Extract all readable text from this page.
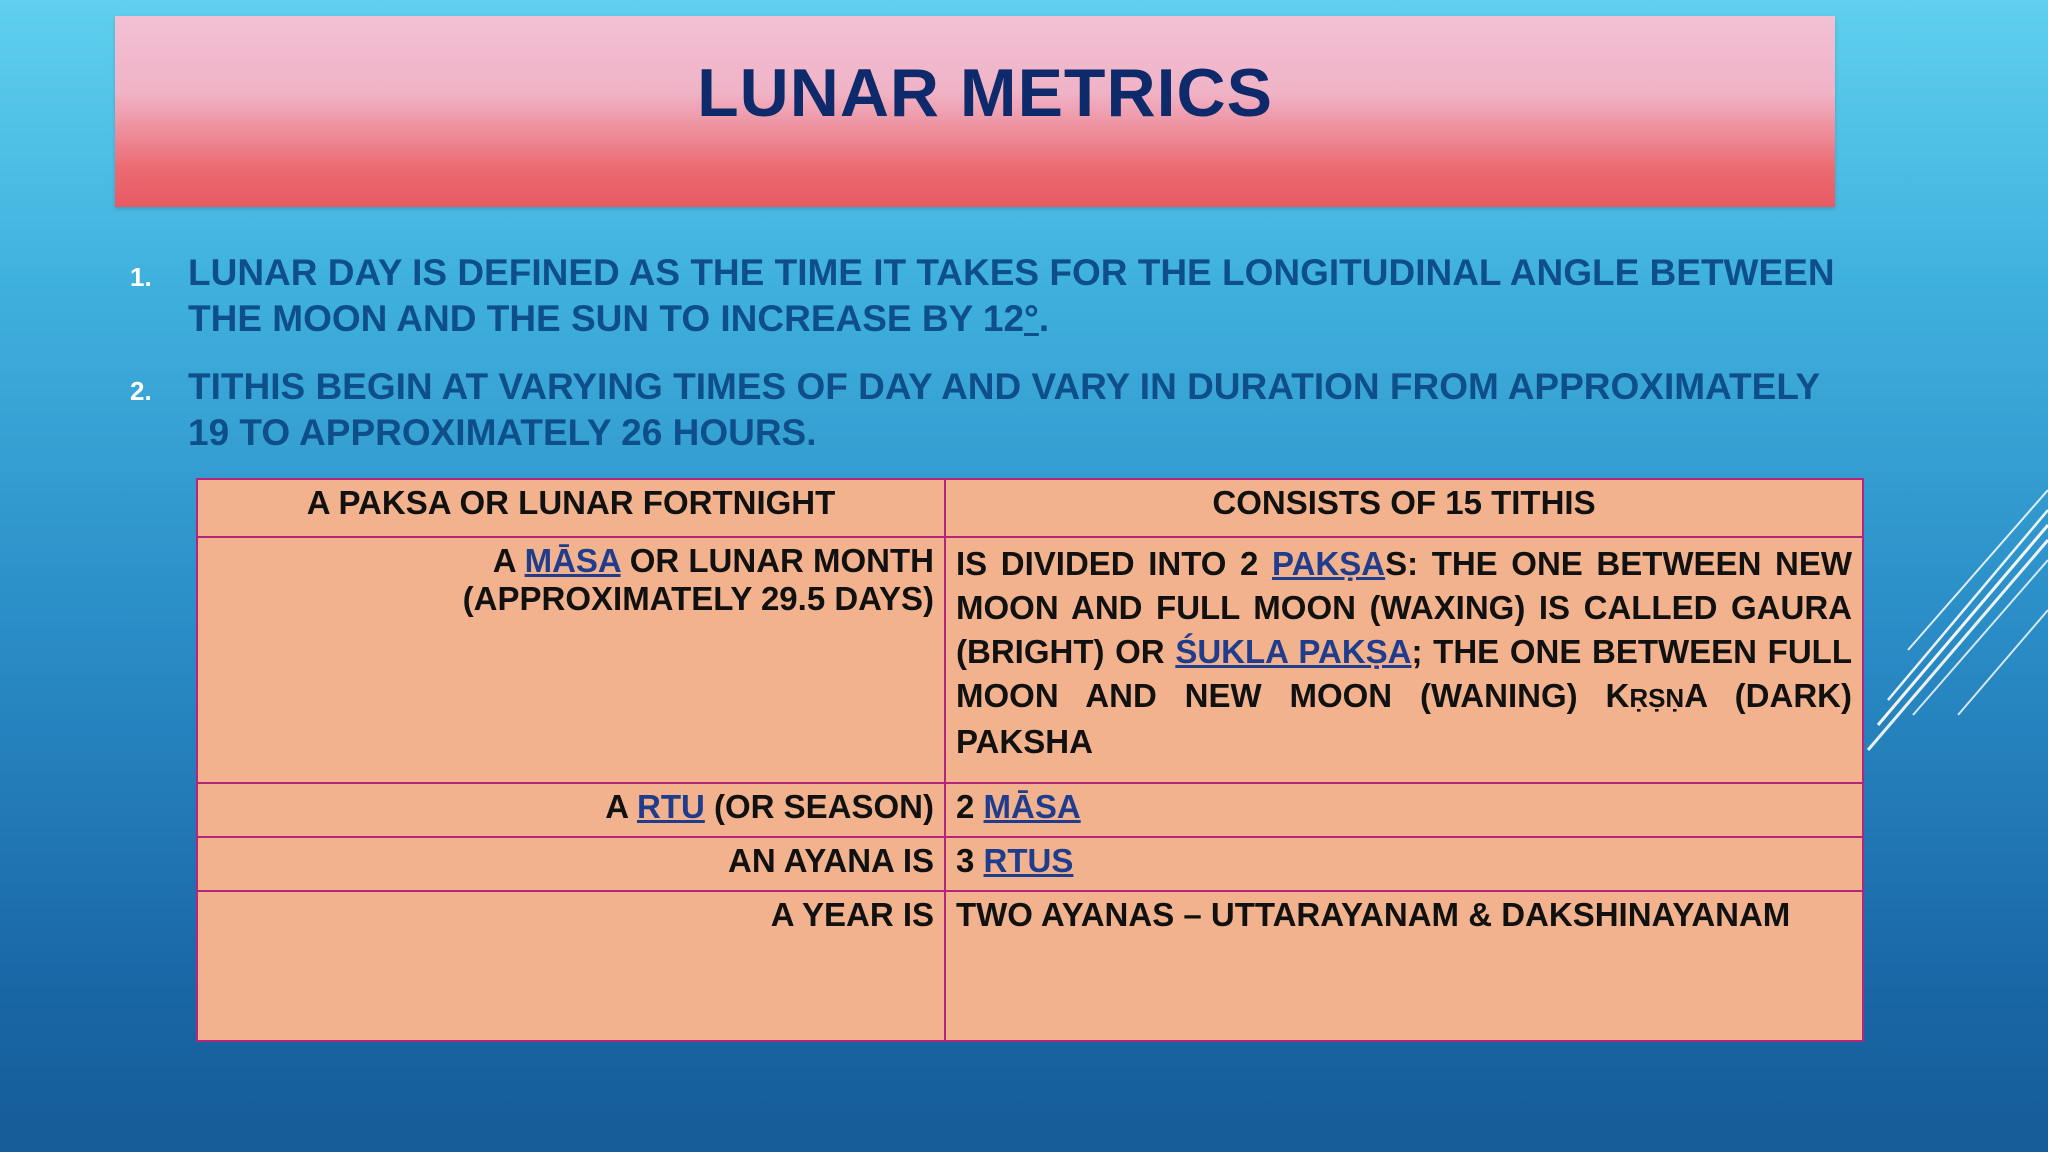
LUNAR METRICS
1. LUNAR DAY IS DEFINED AS THE TIME IT TAKES FOR THE LONGITUDINAL ANGLE BETWEEN THE MOON AND THE SUN TO INCREASE BY 12°.
2. TITHIS BEGIN AT VARYING TIMES OF DAY AND VARY IN DURATION FROM APPROXIMATELY 19 TO APPROXIMATELY 26 HOURS.
A PAKSA OR LUNAR FORTNIGHT	CONSISTS OF 15 TITHIS

A MĀSA OR LUNAR MONTH
(APPROXIMATELY 29.5 DAYS)	IS DIVIDED INTO 2 PAKṢAS: THE ONE BETWEEN NEW MOON AND FULL MOON (WAXING) IS CALLED GAURA (BRIGHT) OR ŚUKLA PAKṢA; THE ONE BETWEEN FULL MOON AND NEW MOON (WANING) KṚṢṆA (DARK) PAKSHA
A RTU (OR SEASON)	2 MĀSA
AN AYANA IS	3 RTUS
A YEAR IS	TWO AYANAS – UTTARAYANAM & DAKSHINAYANAM
